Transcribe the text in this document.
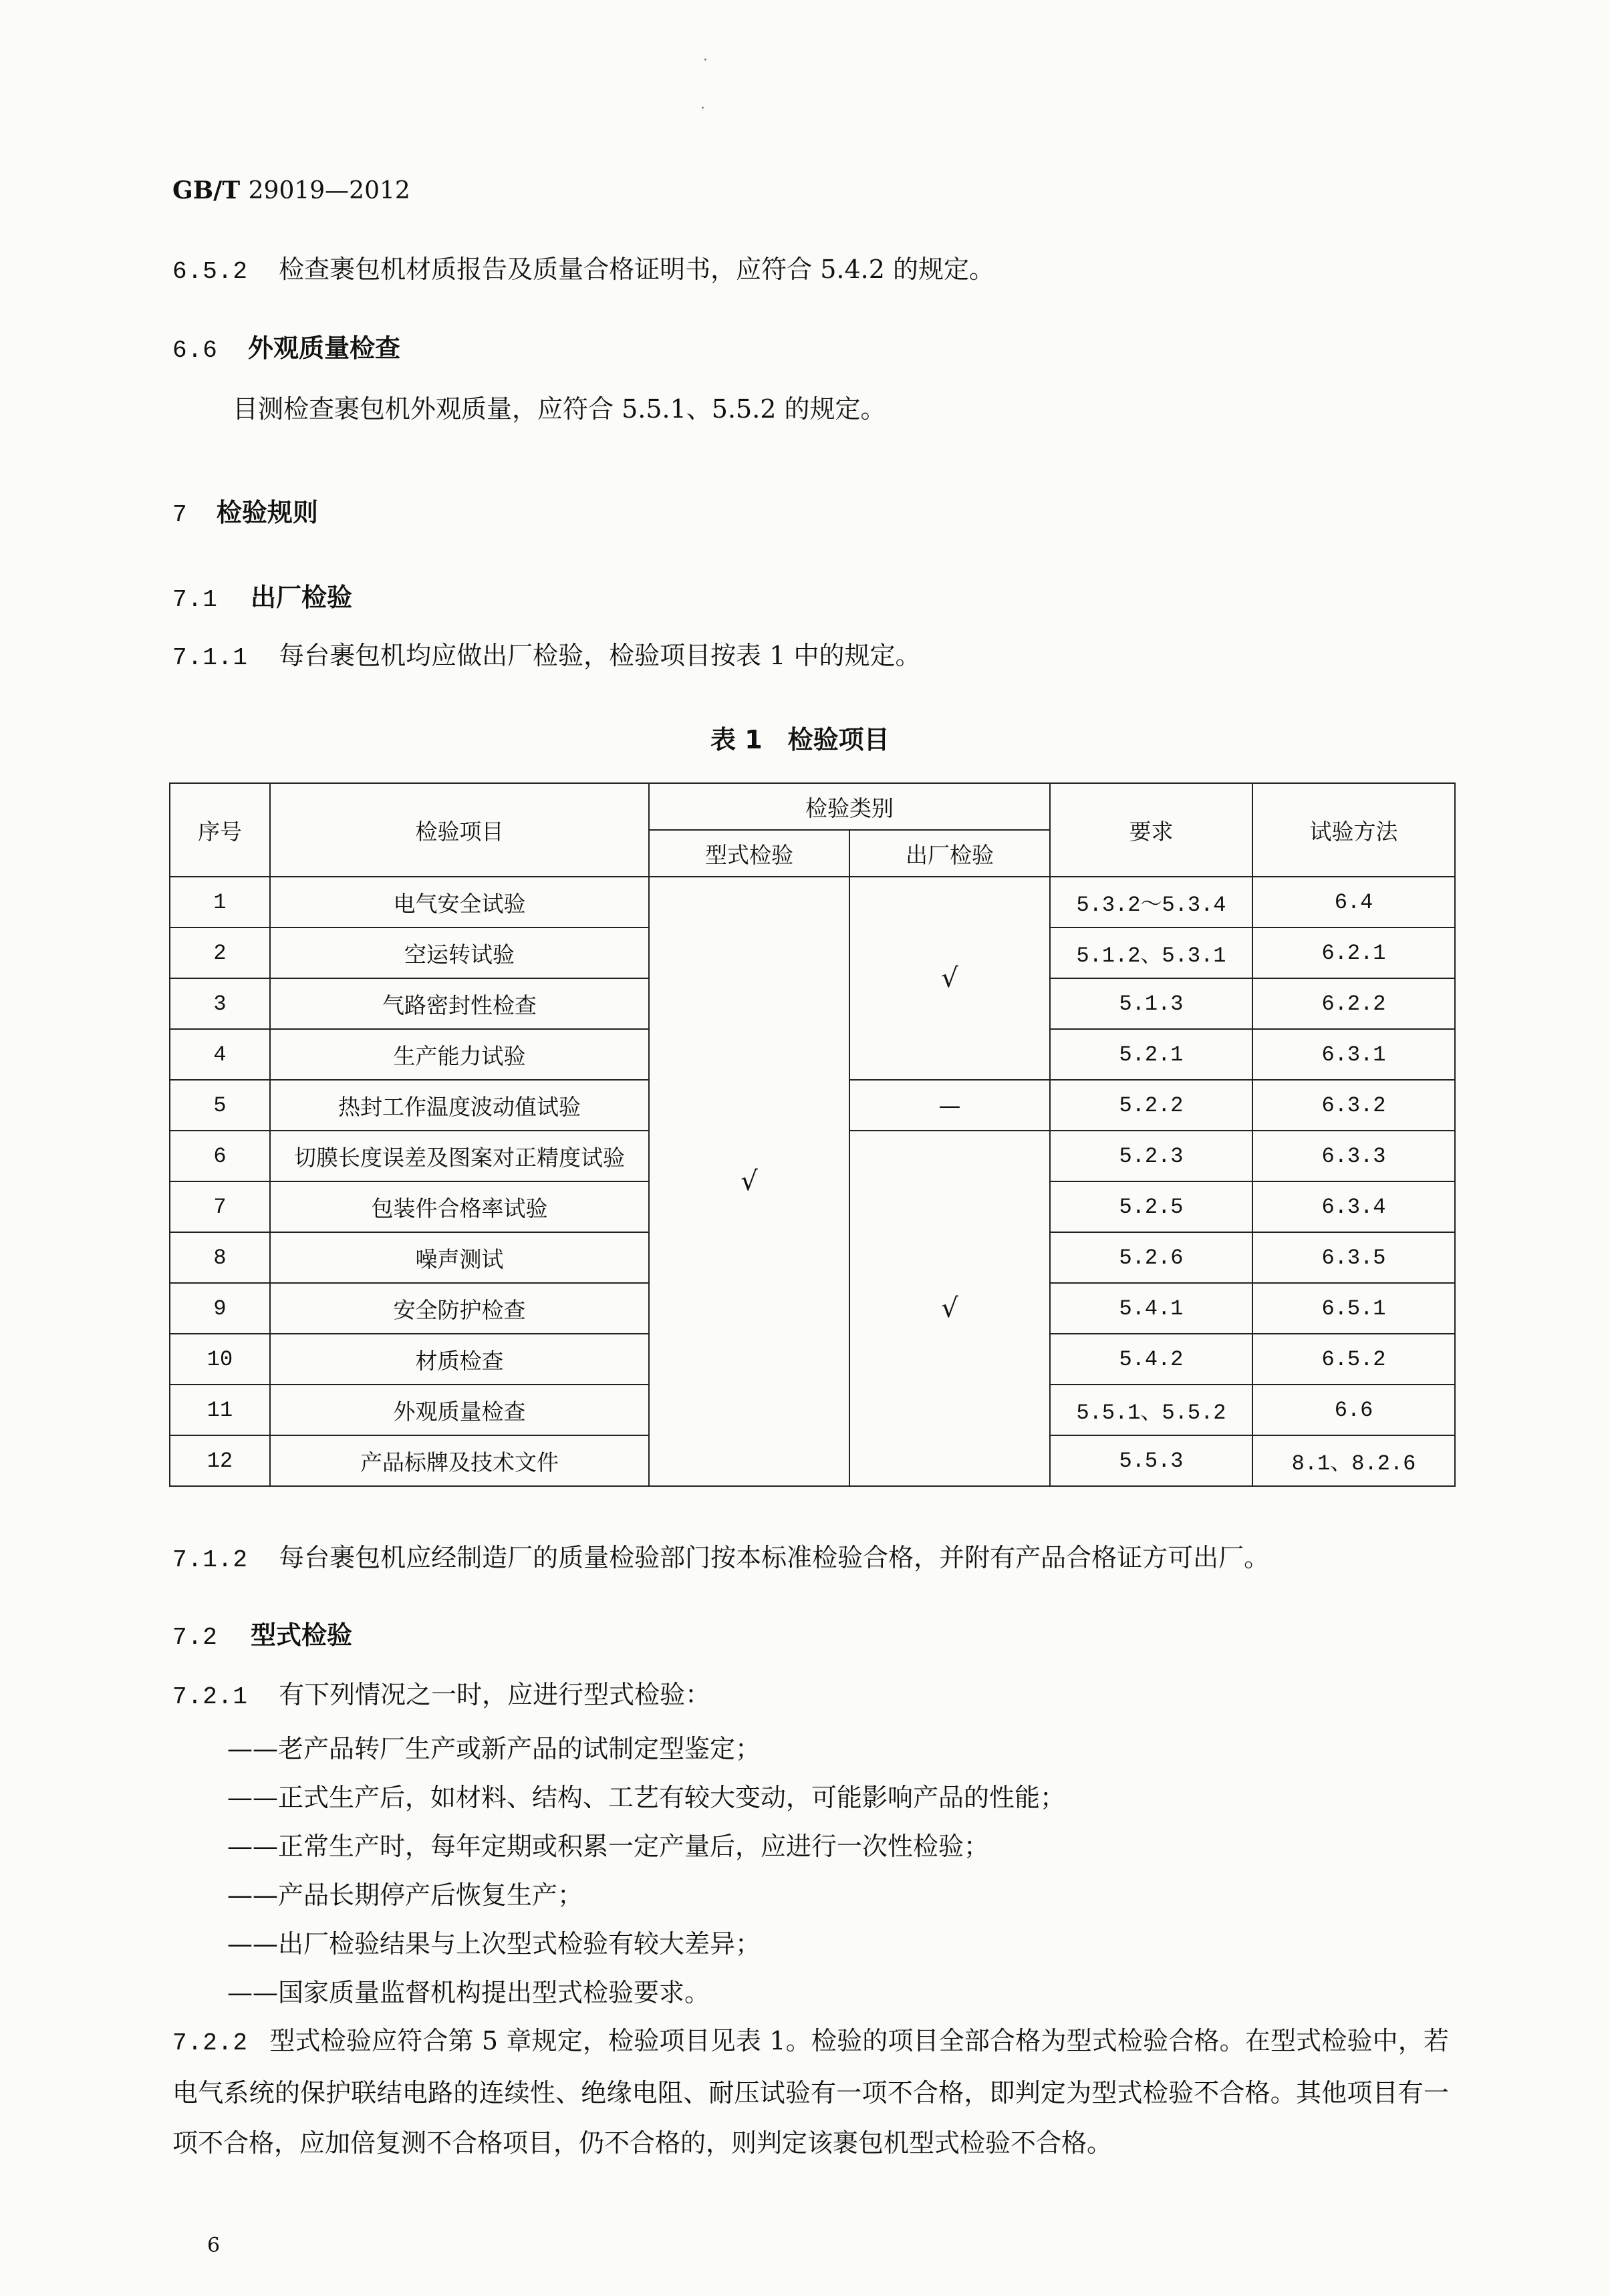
·
·
GB/T 29019—2012
6.5.2 检查裹包机材质报告及质量合格证明书，应符合 5.4.2 的规定。
6.6 外观质量检查
目测检查裹包机外观质量，应符合 5.5.1、5.5.2 的规定。
7 检验规则
7.1 出厂检验
7.1.1 每台裹包机均应做出厂检验，检验项目按表 1 中的规定。
表 1　检验项目
序号	检验项目	检验类别		要求	试验方法
		型式检验	出厂检验		
1	电气安全试验	√	√	5.3.2～5.3.4	6.4
2	空运转试验			5.1.2、5.3.1	6.2.1
3	气路密封性检查			5.1.3	6.2.2
4	生产能力试验			5.2.1	6.3.1
5	热封工作温度波动值试验		—	5.2.2	6.3.2
6	切膜长度误差及图案对正精度试验		√	5.2.3	6.3.3
7	包装件合格率试验			5.2.5	6.3.4
8	噪声测试			5.2.6	6.3.5
9	安全防护检查			5.4.1	6.5.1
10	材质检查			5.4.2	6.5.2
11	外观质量检查			5.5.1、5.5.2	6.6
12	产品标牌及技术文件			5.5.3	8.1、8.2.6
7.1.2 每台裹包机应经制造厂的质量检验部门按本标准检验合格，并附有产品合格证方可出厂。
7.2 型式检验
7.2.1 有下列情况之一时，应进行型式检验：
——老产品转厂生产或新产品的试制定型鉴定；
——正式生产后，如材料、结构、工艺有较大变动，可能影响产品的性能；
——正常生产时，每年定期或积累一定产量后，应进行一次性检验；
——产品长期停产后恢复生产；
——出厂检验结果与上次型式检验有较大差异；
——国家质量监督机构提出型式检验要求。
7.2.2 型式检验应符合第 5 章规定，检验项目见表 1。检验的项目全部合格为型式检验合格。在型式检验中，若电气系统的保护联结电路的连续性、绝缘电阻、耐压试验有一项不合格，即判定为型式检验不合格。其他项目有一项不合格，应加倍复测不合格项目，仍不合格的，则判定该裹包机型式检验不合格。
6
